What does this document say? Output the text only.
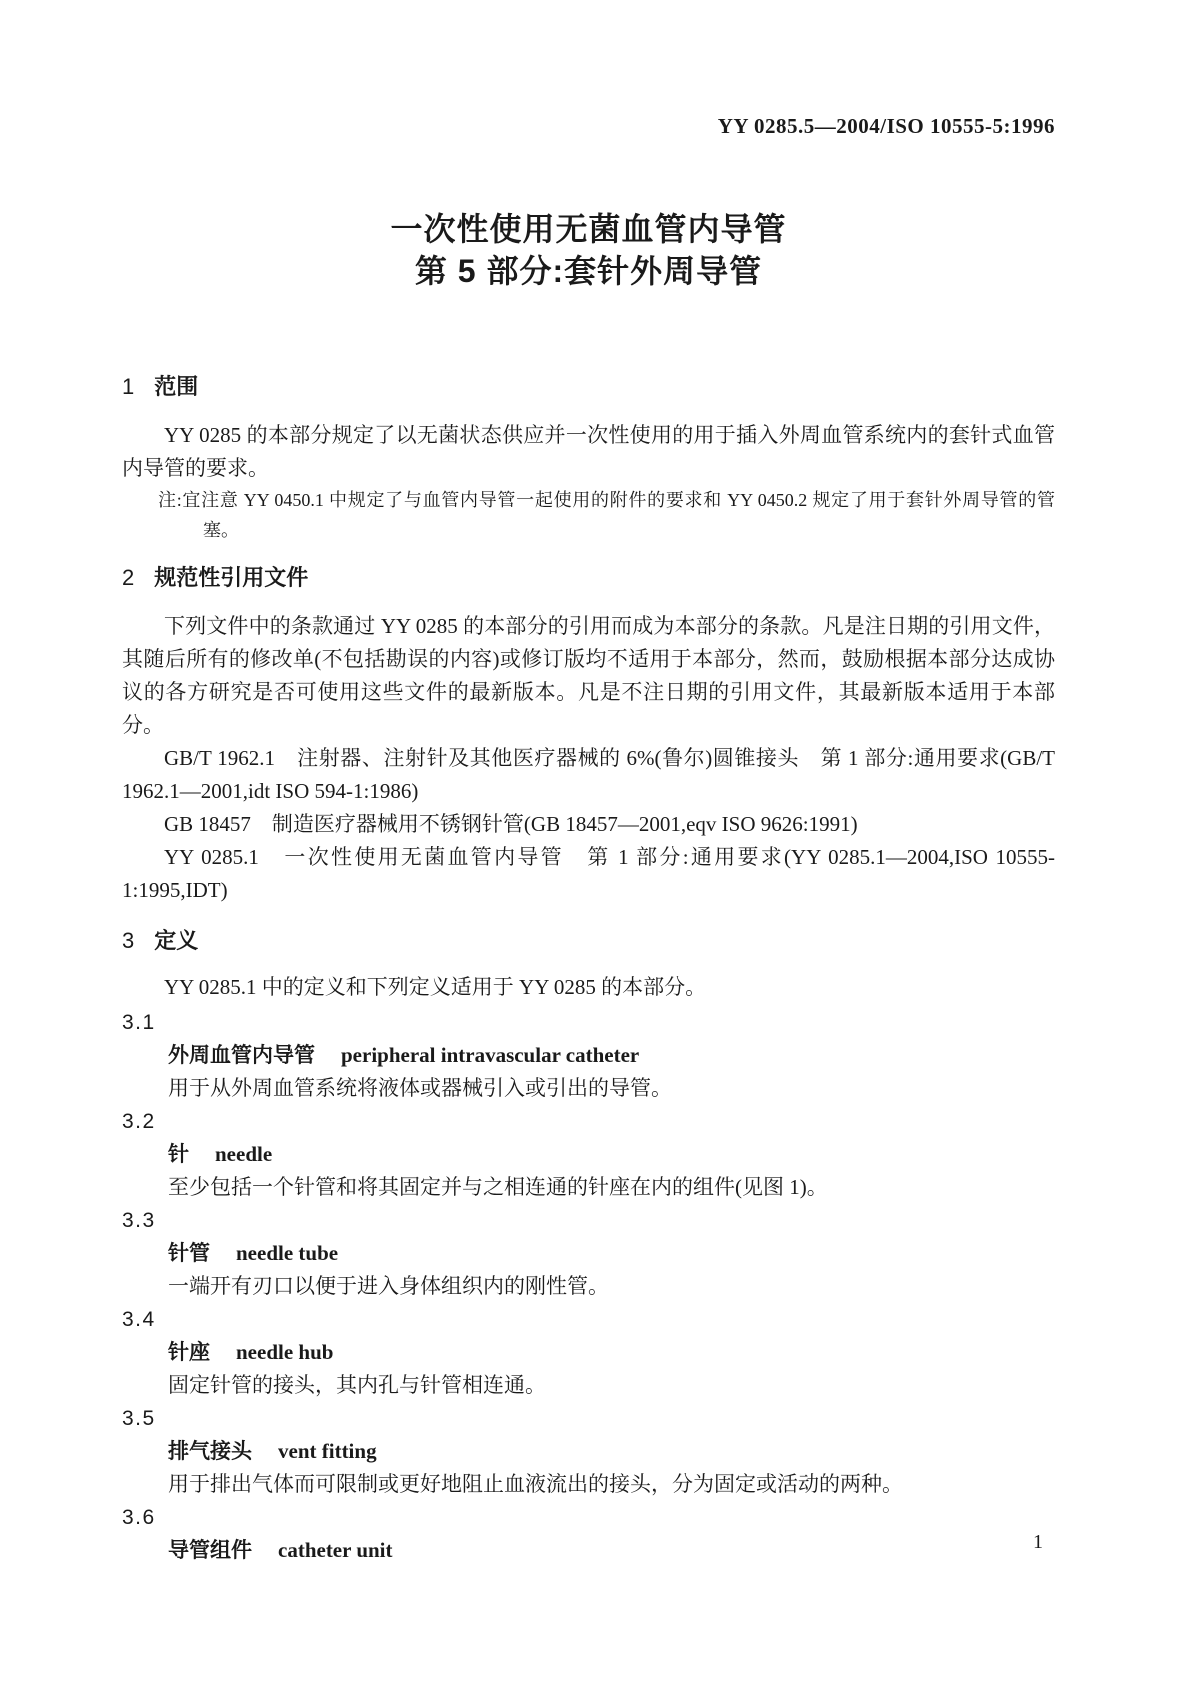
YY 0285.5—2004/ISO 10555-5:1996
一次性使用无菌血管内导管
第 5 部分:套针外周导管
1 范围

YY 0285 的本部分规定了以无菌状态供应并一次性使用的用于插入外周血管系统内的套针式血管内导管的要求。

注:宜注意 YY 0450.1 中规定了与血管内导管一起使用的附件的要求和 YY 0450.2 规定了用于套针外周导管的管塞。

2 规范性引用文件

下列文件中的条款通过 YY 0285 的本部分的引用而成为本部分的条款。凡是注日期的引用文件，其随后所有的修改单(不包括勘误的内容)或修订版均不适用于本部分，然而，鼓励根据本部分达成协议的各方研究是否可使用这些文件的最新版本。凡是不注日期的引用文件，其最新版本适用于本部分。

GB/T 1962.1　注射器、注射针及其他医疗器械的 6%(鲁尔)圆锥接头　第 1 部分:通用要求(GB/T 1962.1—2001,idt ISO 594-1:1986)

GB 18457　制造医疗器械用不锈钢针管(GB 18457—2001,eqv ISO 9626:1991)

YY 0285.1　一次性使用无菌血管内导管　第 1 部分:通用要求(YY 0285.1—2004,ISO 10555-1:1995,IDT)

3 定义

YY 0285.1 中的定义和下列定义适用于 YY 0285 的本部分。

3.1
外周血管内导管 peripheral intravascular catheter
用于从外周血管系统将液体或器械引入或引出的导管。
3.2
针 needle
至少包括一个针管和将其固定并与之相连通的针座在内的组件(见图 1)。
3.3
针管 needle tube
一端开有刃口以便于进入身体组织内的刚性管。
3.4
针座 needle hub
固定针管的接头，其内孔与针管相连通。
3.5
排气接头 vent fitting
用于排出气体而可限制或更好地阻止血液流出的接头，分为固定或活动的两种。
3.6
导管组件 catheter unit	1
